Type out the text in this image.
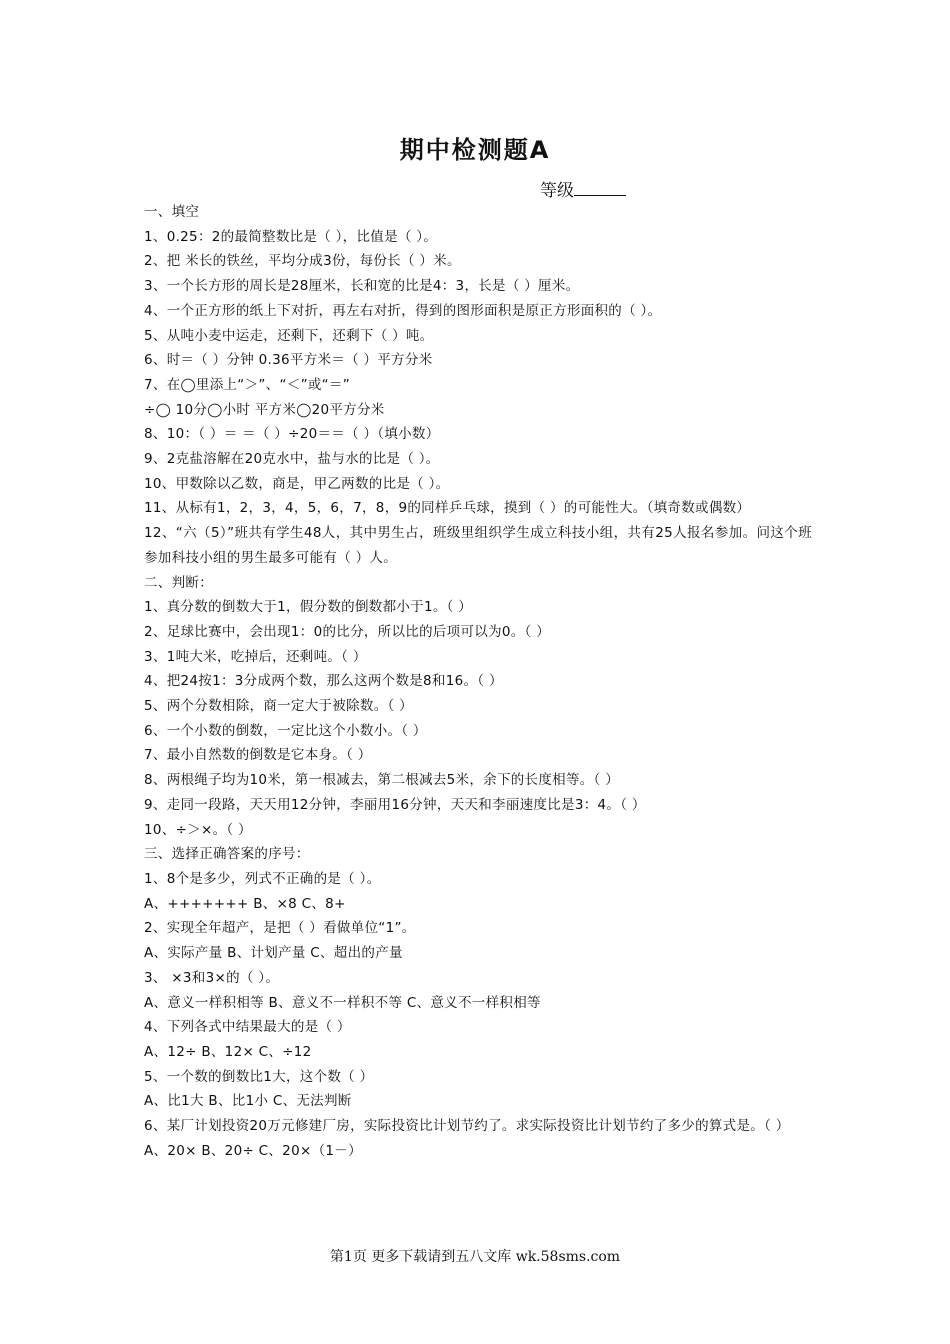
期中检测题A
等级
一、填空
1、0.25：2的最简整数比是（ ），比值是（ ）。
2、把 米长的铁丝，平均分成3份，每份长（ ）米。
3、一个长方形的周长是28厘米，长和宽的比是4：3，长是（ ）厘米。
4、一个正方形的纸上下对折，再左右对折，得到的图形面积是原正方形面积的（ ）。
5、从吨小麦中运走，还剩下，还剩下（ ）吨。
6、时＝（ ）分钟 0.36平方米＝（ ）平方分米
7、在◯里添上“＞”、“＜”或“＝”
÷◯ 10分◯小时 平方米◯20平方分米
8、10：（ ）＝ ＝（ ）÷20＝＝（ ）（填小数）
9、2克盐溶解在20克水中，盐与水的比是（ ）。
10、甲数除以乙数，商是，甲乙两数的比是（ ）。
11、从标有1，2，3，4，5，6，7，8，9的同样乒乓球，摸到（ ）的可能性大。（填奇数或偶数）
12、“六（5）”班共有学生48人，其中男生占，班级里组织学生成立科技小组，共有25人报名参加。问这个班参加科技小组的男生最多可能有（ ）人。
二、判断：
1、真分数的倒数大于1，假分数的倒数都小于1。（ ）
2、足球比赛中，会出现1：0的比分，所以比的后项可以为0。（ ）
3、1吨大米，吃掉后，还剩吨。（ ）
4、把24按1：3分成两个数，那么这两个数是8和16。（ ）
5、两个分数相除，商一定大于被除数。（ ）
6、一个小数的倒数，一定比这个小数小。（ ）
7、最小自然数的倒数是它本身。（ ）
8、两根绳子均为10米，第一根减去，第二根减去5米，余下的长度相等。（ ）
9、走同一段路，天天用12分钟，李丽用16分钟，天天和李丽速度比是3：4。（ ）
10、÷＞×。（ ）
三、选择正确答案的序号：
1、8个是多少，列式不正确的是（ ）。
A、+++++++ B、×8 C、8+
2、实现全年超产，是把（ ）看做单位“1”。
A、实际产量 B、计划产量 C、超出的产量
3、 ×3和3×的（ ）。
A、意义一样积相等 B、意义不一样积不等 C、意义不一样积相等
4、下列各式中结果最大的是（ ）
A、12÷ B、12× C、÷12
5、一个数的倒数比1大，这个数（ ）
A、比1大 B、比1小 C、无法判断
6、某厂计划投资20万元修建厂房，实际投资比计划节约了。求实际投资比计划节约了多少的算式是。（ ）
A、20× B、20÷ C、20×（1－）
第1页 更多下载请到五八文库 wk.58sms.com
